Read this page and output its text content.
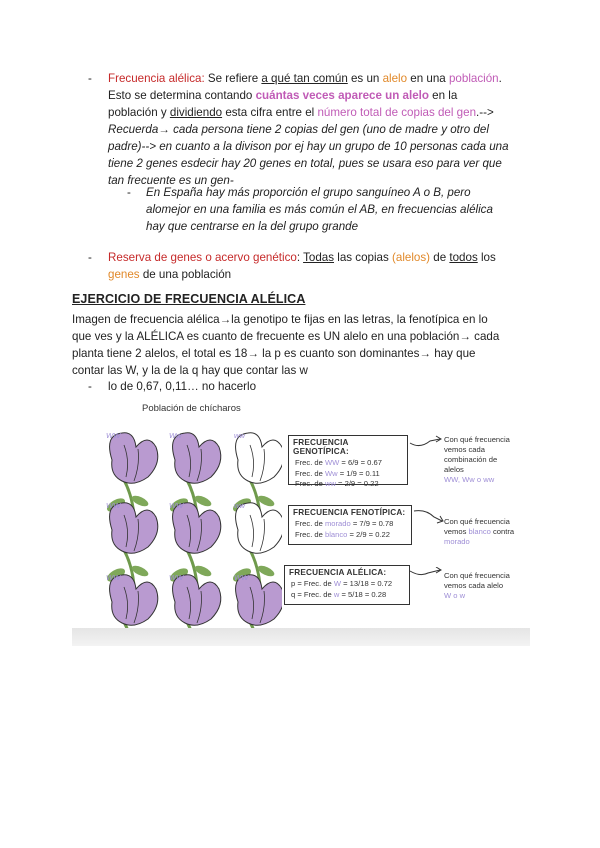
- Frecuencia alélica: Se refiere a qué tan común es un alelo en una población.
Esto se determina contando cuántas veces aparece un alelo en la
población y dividiendo esta cifra entre el número total de copias del gen.-->
Recuerda→ cada persona tiene 2 copias del gen (uno de madre y otro del
padre)--> en cuanto a la divison por ej hay un grupo de 10 personas cada una
tiene 2 genes esdecir hay 20 genes en total, pues se usara eso para ver que
tan frecuente es un gen-
- En España hay más proporción el grupo sanguíneo A o B, pero
alomejor en una familia es más común el AB, en frecuencias alélica
hay que centrarse en la del grupo grande
- Reserva de genes o acervo genético: Todas las copias (alelos) de todos los
genes de una población
EJERCICIO DE FRECUENCIA ALÉLICA
Imagen de frecuencia alélica→la genotipo te fijas en las letras, la fenotípica en lo
que ves y la ALÉLICA es cuanto de frecuente es UN alelo en una población→ cada
planta tiene 2 alelos, el total es 18→ la p es cuanto son dominantes→ hay que
contar las W, y la de la q hay que contar las w
- lo de 0,67, 0,11… no hacerlo
Población de chícharos
WW	Ww	ww
WW	WW	ww
WW	WW	WW
FRECUENCIA GENOTÍPICA:
Frec. de WW = 6/9 = 0.67
Frec. de Ww = 1/9 = 0.11
Frec. de ww = 2/9 = 0.22
Con qué frecuencia
vemos cada
combinación de
alelos
WW, Ww o ww
FRECUENCIA FENOTÍPICA:
Frec. de morado = 7/9 = 0.78
Frec. de blanco = 2/9 = 0.22
Con qué frecuencia
vemos blanco contra
morado
FRECUENCIA ALÉLICA:
p = Frec. de W = 13/18 = 0.72
q = Frec. de w = 5/18 = 0.28
Con qué frecuencia
vemos cada alelo
W o w
